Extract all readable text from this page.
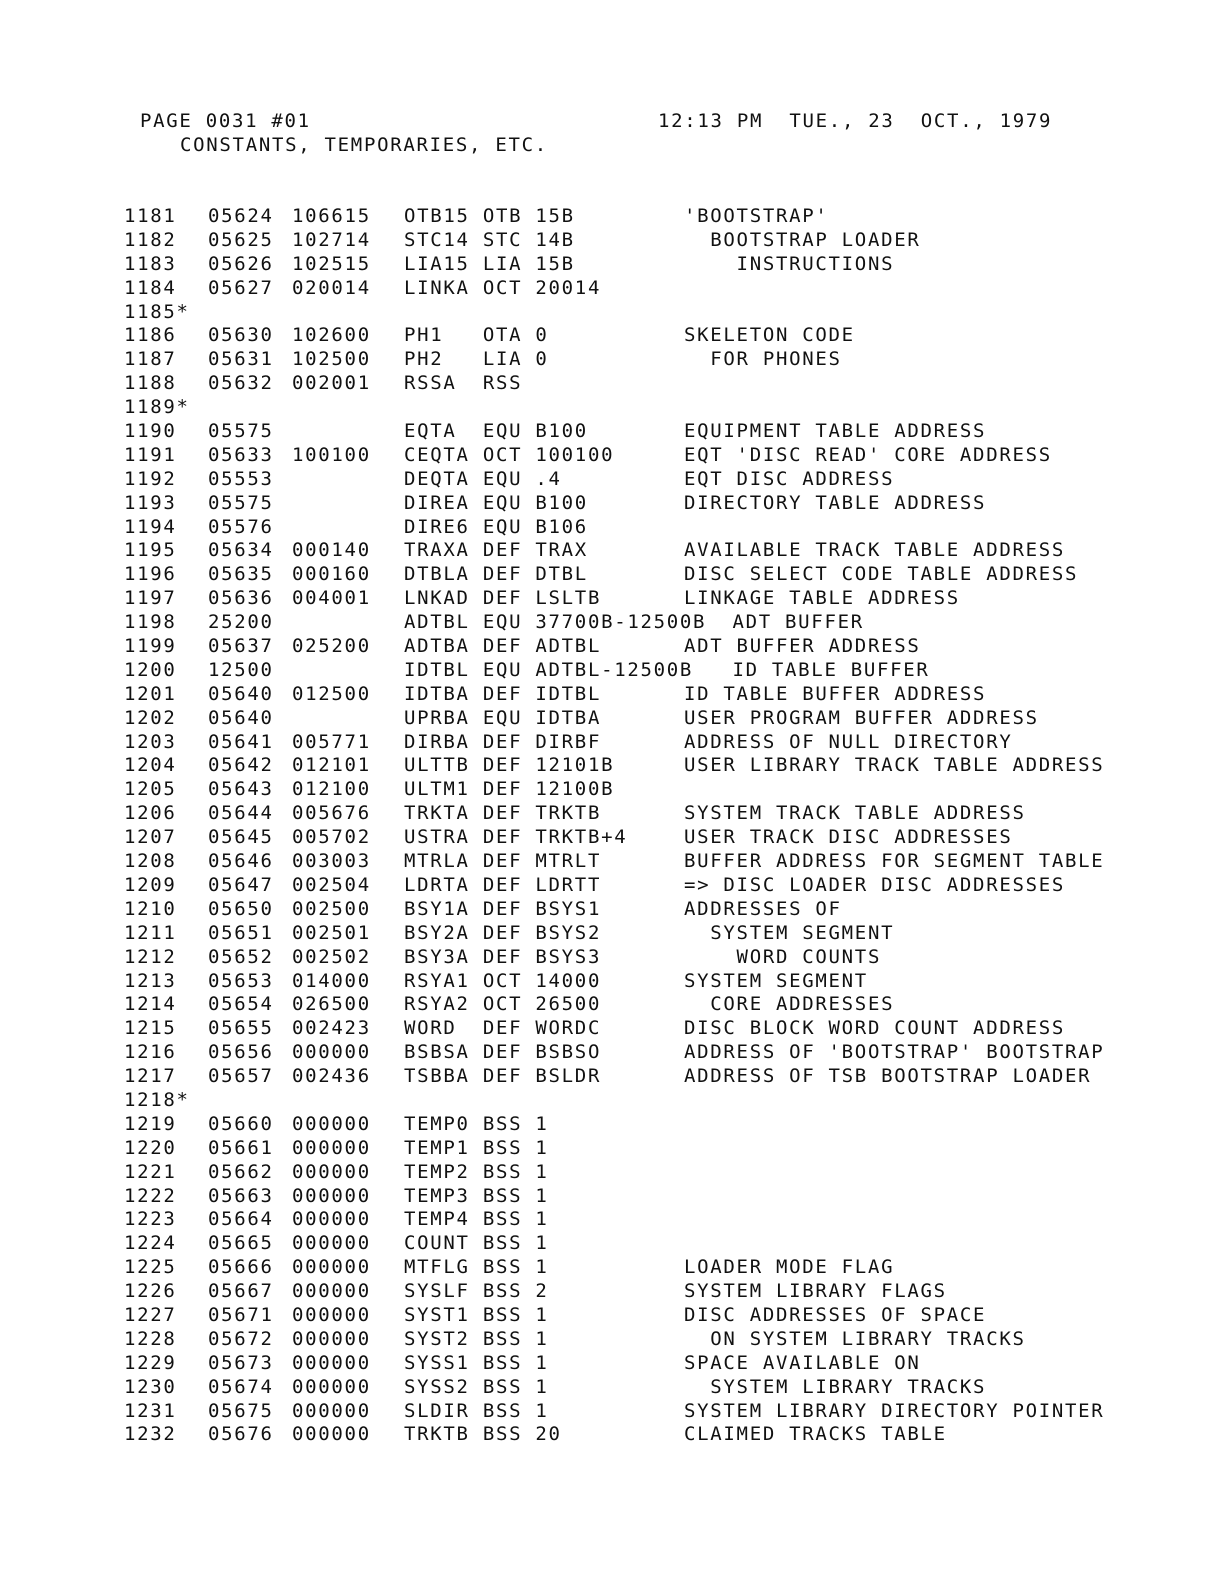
PAGE 0031 #01	12:13 PM  TUE., 23  OCT., 1979
CONSTANTS, TEMPORARIES, ETC.
1181 05624 106615 OTB15 OTB 15B	'BOOTSTRAP'
1182 05625 102714 STC14 STC 14B	BOOTSTRAP LOADER
1183 05626 102515 LIA15 LIA 15B	INSTRUCTIONS
1184 05627 020014 LINKA OCT 20014
1185*
1186 05630 102600 PH1   OTA 0	SKELETON CODE
1187 05631 102500 PH2   LIA 0	FOR PHONES
1188 05632 002001 RSSA  RSS
1189*
1190 05575	EQTA  EQU B100	EQUIPMENT TABLE ADDRESS
1191 05633 100100 CEQTA OCT 100100	EQT 'DISC READ' CORE ADDRESS
1192 05553	DEQTA EQU .4	EQT DISC ADDRESS
1193 05575	DIREA EQU B100	DIRECTORY TABLE ADDRESS
1194 05576	DIRE6 EQU B106
1195 05634 000140 TRAXA DEF TRAX	AVAILABLE TRACK TABLE ADDRESS
1196 05635 000160 DTBLA DEF DTBL	DISC SELECT CODE TABLE ADDRESS
1197 05636 004001 LNKAD DEF LSLTB	LINKAGE TABLE ADDRESS
1198 25200	ADTBL EQU 37700B-12500B  ADT BUFFER
1199 05637 025200 ADTBA DEF ADTBL	ADT BUFFER ADDRESS
1200 12500	IDTBL EQU ADTBL-12500B   ID TABLE BUFFER
1201 05640 012500 IDTBA DEF IDTBL	ID TABLE BUFFER ADDRESS
1202 05640	UPRBA EQU IDTBA	USER PROGRAM BUFFER ADDRESS
1203 05641 005771 DIRBA DEF DIRBF	ADDRESS OF NULL DIRECTORY
1204 05642 012101 ULTTB DEF 12101B	USER LIBRARY TRACK TABLE ADDRESS
1205 05643 012100 ULTM1 DEF 12100B
1206 05644 005676 TRKTA DEF TRKTB	SYSTEM TRACK TABLE ADDRESS
1207 05645 005702 USTRA DEF TRKTB+4	USER TRACK DISC ADDRESSES
1208 05646 003003 MTRLA DEF MTRLT	BUFFER ADDRESS FOR SEGMENT TABLE
1209 05647 002504 LDRTA DEF LDRTT	=> DISC LOADER DISC ADDRESSES
1210 05650 002500 BSY1A DEF BSYS1	ADDRESSES OF
1211 05651 002501 BSY2A DEF BSYS2	SYSTEM SEGMENT
1212 05652 002502 BSY3A DEF BSYS3	WORD COUNTS
1213 05653 014000 RSYA1 OCT 14000	SYSTEM SEGMENT
1214 05654 026500 RSYA2 OCT 26500	CORE ADDRESSES
1215 05655 002423 WORD  DEF WORDC	DISC BLOCK WORD COUNT ADDRESS
1216 05656 000000 BSBSA DEF BSBSO	ADDRESS OF 'BOOTSTRAP' BOOTSTRAP
1217 05657 002436 TSBBA DEF BSLDR	ADDRESS OF TSB BOOTSTRAP LOADER
1218*
1219 05660 000000 TEMP0 BSS 1
1220 05661 000000 TEMP1 BSS 1
1221 05662 000000 TEMP2 BSS 1
1222 05663 000000 TEMP3 BSS 1
1223 05664 000000 TEMP4 BSS 1
1224 05665 000000 COUNT BSS 1
1225 05666 000000 MTFLG BSS 1	LOADER MODE FLAG
1226 05667 000000 SYSLF BSS 2	SYSTEM LIBRARY FLAGS
1227 05671 000000 SYST1 BSS 1	DISC ADDRESSES OF SPACE
1228 05672 000000 SYST2 BSS 1	ON SYSTEM LIBRARY TRACKS
1229 05673 000000 SYSS1 BSS 1	SPACE AVAILABLE ON
1230 05674 000000 SYSS2 BSS 1	SYSTEM LIBRARY TRACKS
1231 05675 000000 SLDIR BSS 1	SYSTEM LIBRARY DIRECTORY POINTER
1232 05676 000000 TRKTB BSS 20	CLAIMED TRACKS TABLE
